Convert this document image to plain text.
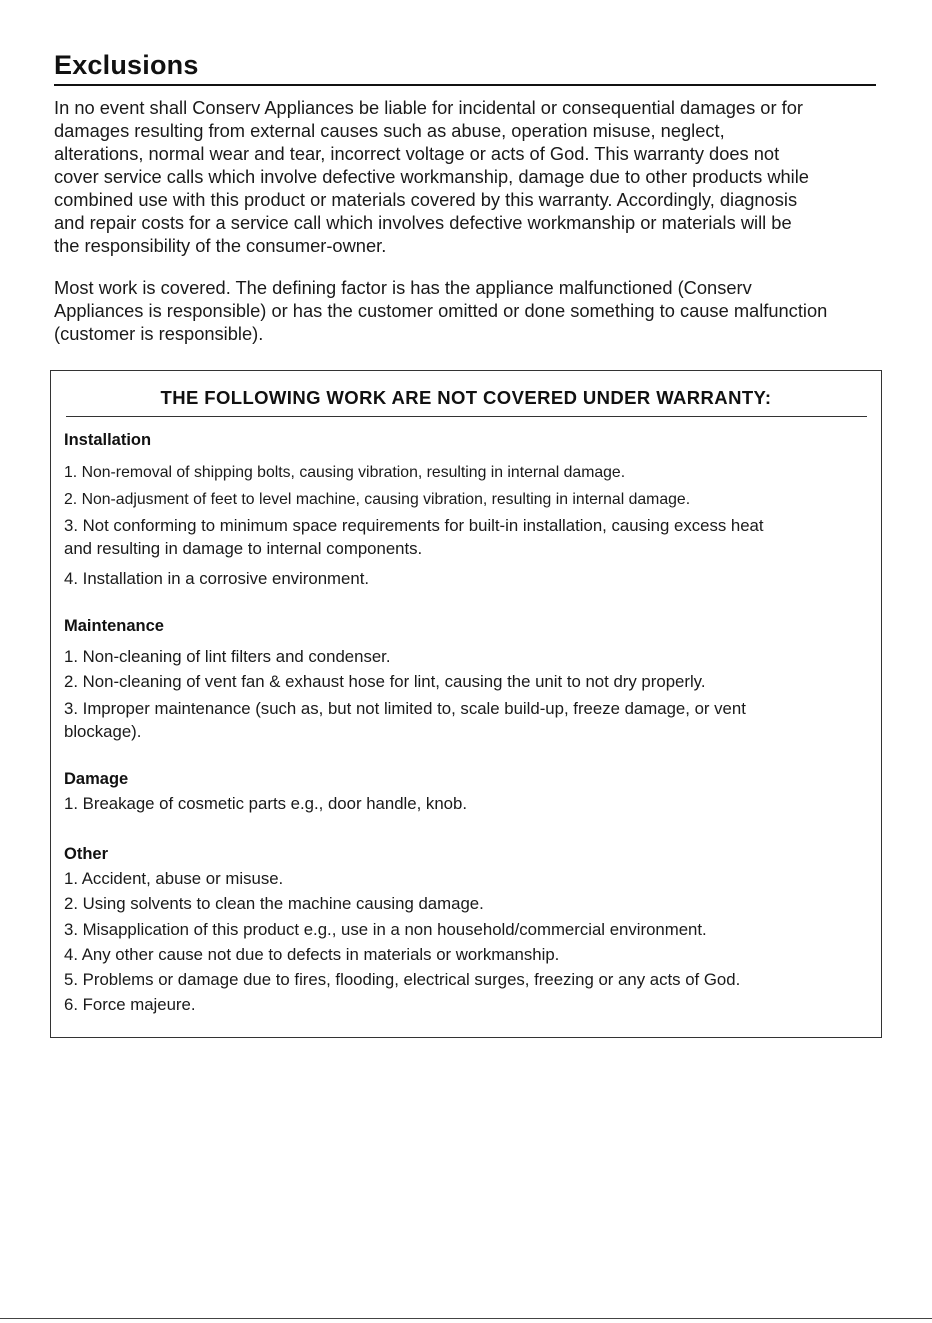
Exclusions

In no event shall Conserv Appliances be liable for incidental or consequential damages or for
damages resulting from external causes such as abuse, operation misuse, neglect,
alterations, normal wear and tear, incorrect voltage or acts of God. This warranty does not
cover service calls which involve defective workmanship, damage due to other products while
combined use with this product or materials covered by this warranty. Accordingly, diagnosis
and repair costs for a service call which involves defective workmanship or materials will be
the responsibility of the consumer-owner.

Most work is covered. The defining factor is has the appliance malfunctioned (Conserv
Appliances is responsible) or has the customer omitted or done something to cause malfunction
(customer is responsible).

THE FOLLOWING WORK ARE NOT COVERED UNDER WARRANTY:
Installation
1. Non-removal of shipping bolts, causing vibration, resulting in internal damage.
2. Non-adjusment of feet to level machine, causing vibration, resulting in internal damage.
3. Not conforming to minimum space requirements for built-in installation, causing excess heat
and resulting in damage to internal components.
4. Installation in a corrosive environment.
Maintenance
1. Non-cleaning of lint filters and condenser.
2. Non-cleaning of vent fan & exhaust hose for lint, causing the unit to not dry properly.
3. Improper maintenance (such as, but not limited to, scale build-up, freeze damage, or vent
blockage).
Damage
1. Breakage of cosmetic parts e.g., door handle, knob.
Other
1. Accident, abuse or misuse.
2. Using solvents to clean the machine causing damage.
3. Misapplication of this product e.g., use in a non household/commercial environment.
4. Any other cause not due to defects in materials or workmanship.
5. Problems or damage due to fires, flooding, electrical surges, freezing or any acts of God.
6. Force majeure.
